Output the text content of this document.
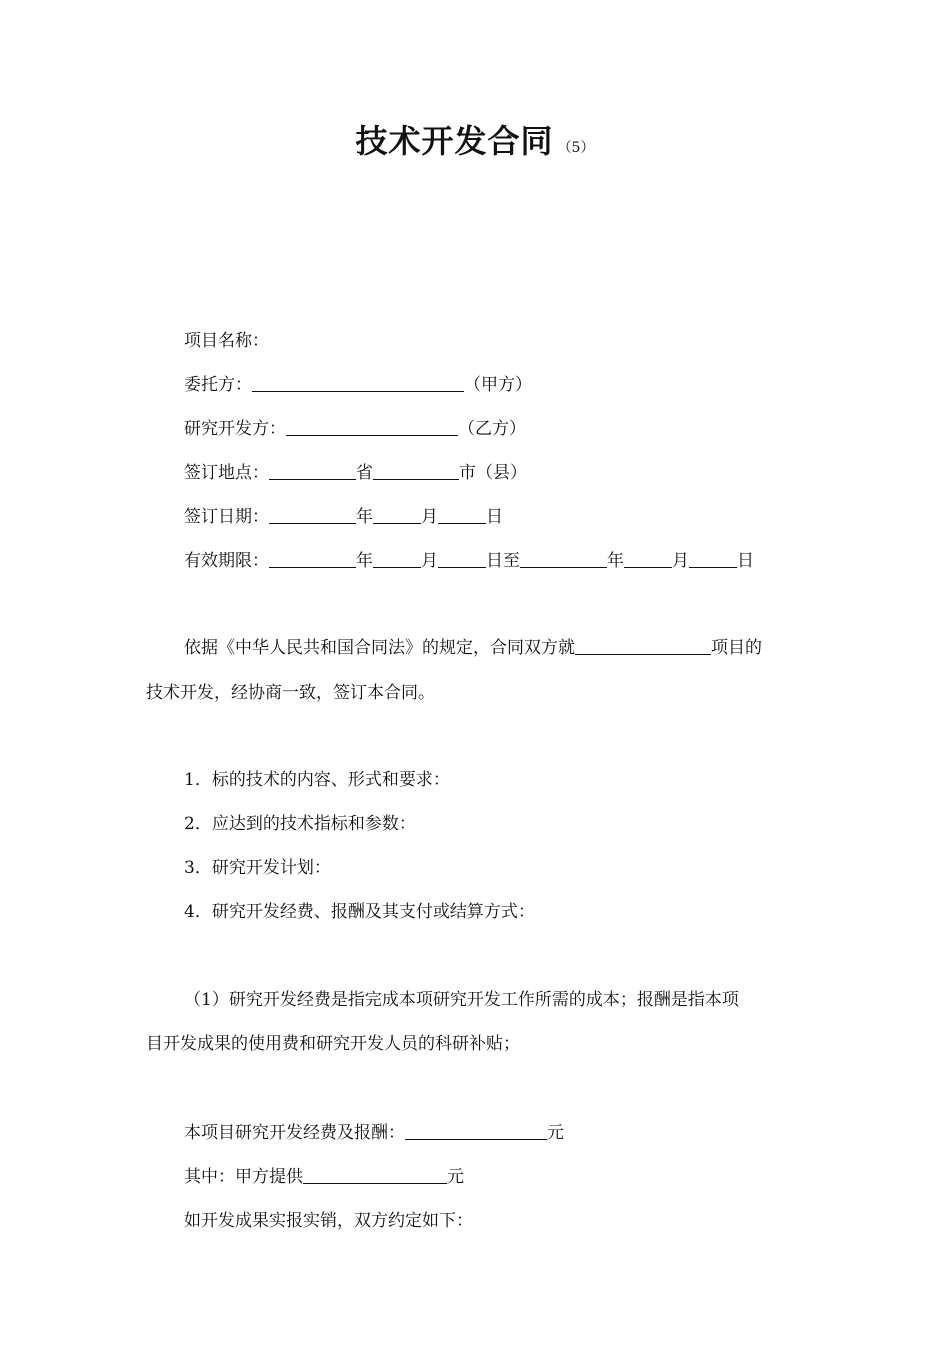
技术开发合同 （5）
项目名称：
委托方：	（甲方）
研究开发方：	（乙方）
签订地点：	省	市（县）
签订日期：	年	月	日
有效期限：	年	月	日至	年	月	日
依据《中华人民共和国合同法》的规定，合同双方就	项目的
技术开发，经协商一致，签订本合同。
1．标的技术的内容、形式和要求：
2．应达到的技术指标和参数：
3．研究开发计划：
4．研究开发经费、报酬及其支付或结算方式：
（1）研究开发经费是指完成本项研究开发工作所需的成本；报酬是指本项
目开发成果的使用费和研究开发人员的科研补贴；
本项目研究开发经费及报酬：	元
其中：甲方提供	元
如开发成果实报实销，双方约定如下：
